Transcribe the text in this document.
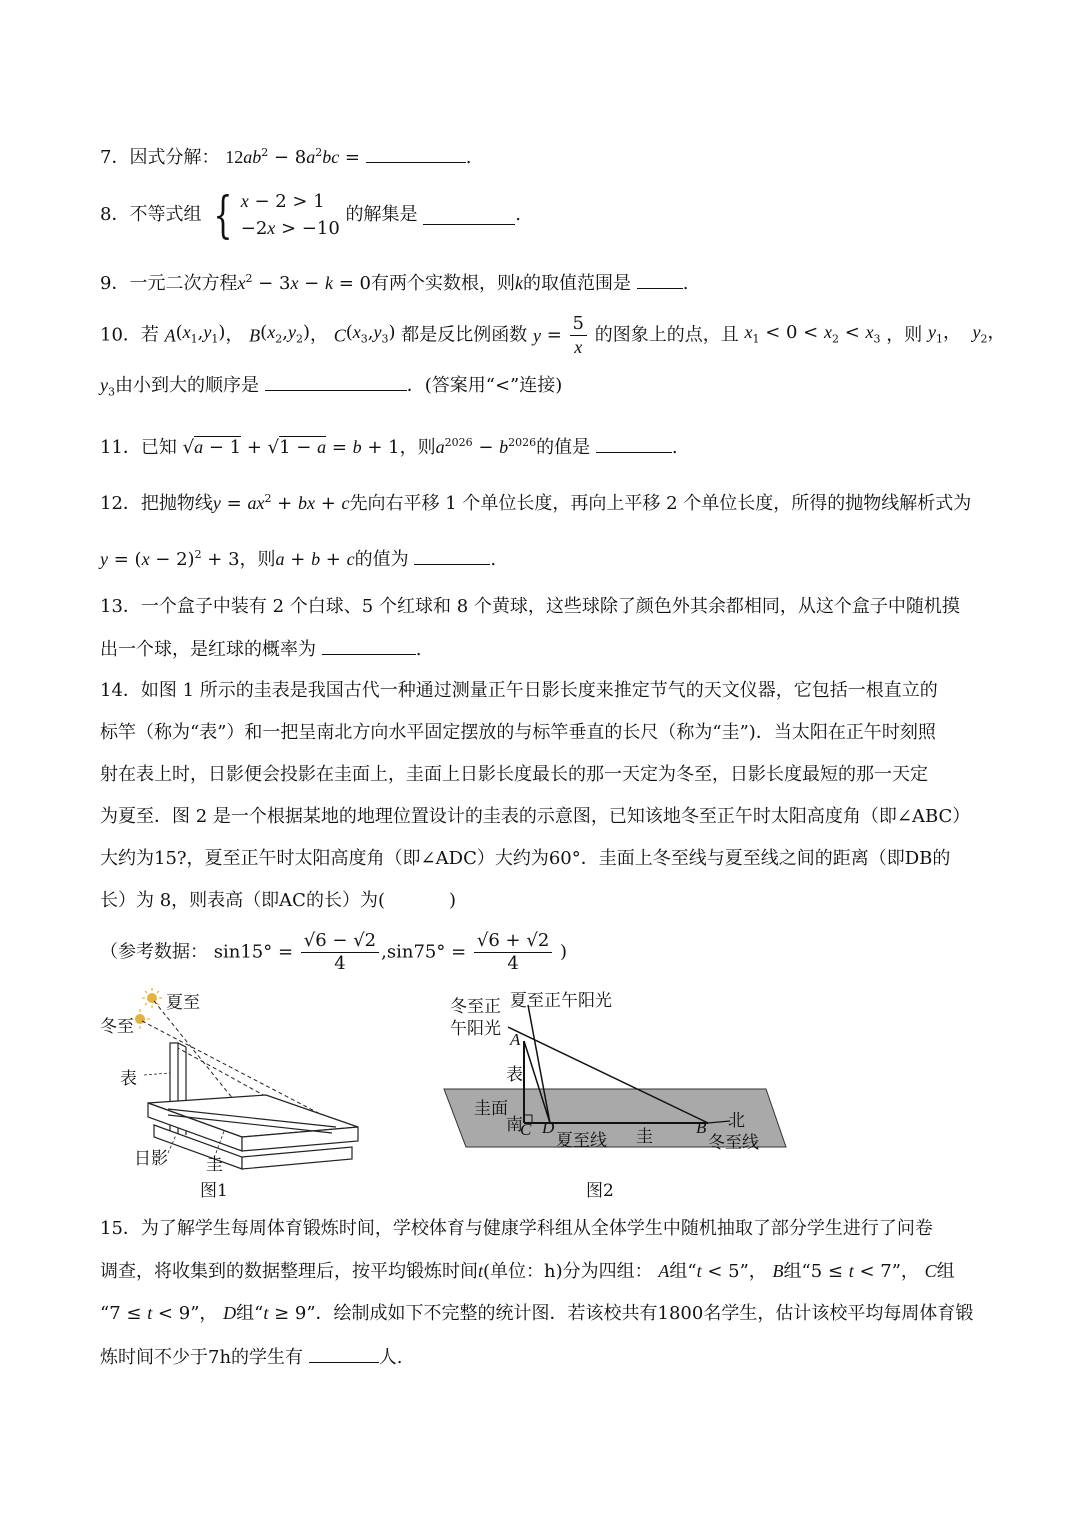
7．因式分解： $12ab^2 - 8a^2bc$ =	.
8．不等式组 { x − 2 > 1
−2x > −10
的解集是	.
9．一元二次方程$x^2 - 3x - k = 0$有两个实数根，则k的取值范围是	.
10．若 $A(x_1,y_1)$， $B(x_2,y_2)$， $C(x_3,y_3)$ 都是反比例函数 $y = \frac{5}{x}$ 的图象上的点，且 $x_1 < 0 < x_2 < x_3$ ，则 $y_1$，  $y_2$，
$y_3$由小到大的顺序是	．(答案用“<”连接)
11．已知 √a − 1 + √1 − a = b + 1，则$a^{2026} - b^{2026}$的值是	.
12．把抛物线$y = ax^2$ + bx + c先向右平移 1 个单位长度，再向上平移 2 个单位长度，所得的抛物线解析式为
$y = (x - 2)^2 + 3$，则a + b + c的值为	.
13．一个盒子中装有 2 个白球、5 个红球和 8 个黄球，这些球除了颜色外其余都相同，从这个盒子中随机摸
出一个球，是红球的概率为	.
14．如图 1 所示的圭表是我国古代一种通过测量正午日影长度来推定节气的天文仪器，它包括一根直立的
标竿（称为“表”）和一把呈南北方向水平固定摆放的与标竿垂直的长尺（称为“圭”)．当太阳在正午时刻照
射在表上时，日影便会投影在圭面上，圭面上日影长度最长的那一天定为冬至，日影长度最短的那一天定
为夏至．图 2 是一个根据某地的地理位置设计的圭表的示意图，已知该地冬至正午时太阳高度角（即∠ABC）
大约为15?，夏至正午时太阳高度角（即∠ADC）大约为60°．圭面上冬至线与夏至线之间的距离（即DB的
长）为 8，则表高（即AC的长）为(	)
（参考数据： $\sin 15^\circ = \frac{√6 - √2}{4} ,\sin 75^\circ = \frac{√6 + √2}{4}$ )
夏至
冬至
表
日影 圭
图1
冬至正
午阳光
夏至正午阳光
A
表
圭面
南
C D
夏至线 圭	B 北
冬至线
图2
15．为了解学生每周体育锻炼时间，学校体育与健康学科组从全体学生中随机抽取了部分学生进行了问卷
调查，将收集到的数据整理后，按平均锻炼时间t(单位：h)分为四组： A组“t < 5”， B组“5 ≤ t < 7”， C组
“7 ≤ t < 9”， D组“t ≥ 9”．绘制成如下不完整的统计图．若该校共有1800名学生，估计该校平均每周体育锻
炼时间不少于7h的学生有	人.
